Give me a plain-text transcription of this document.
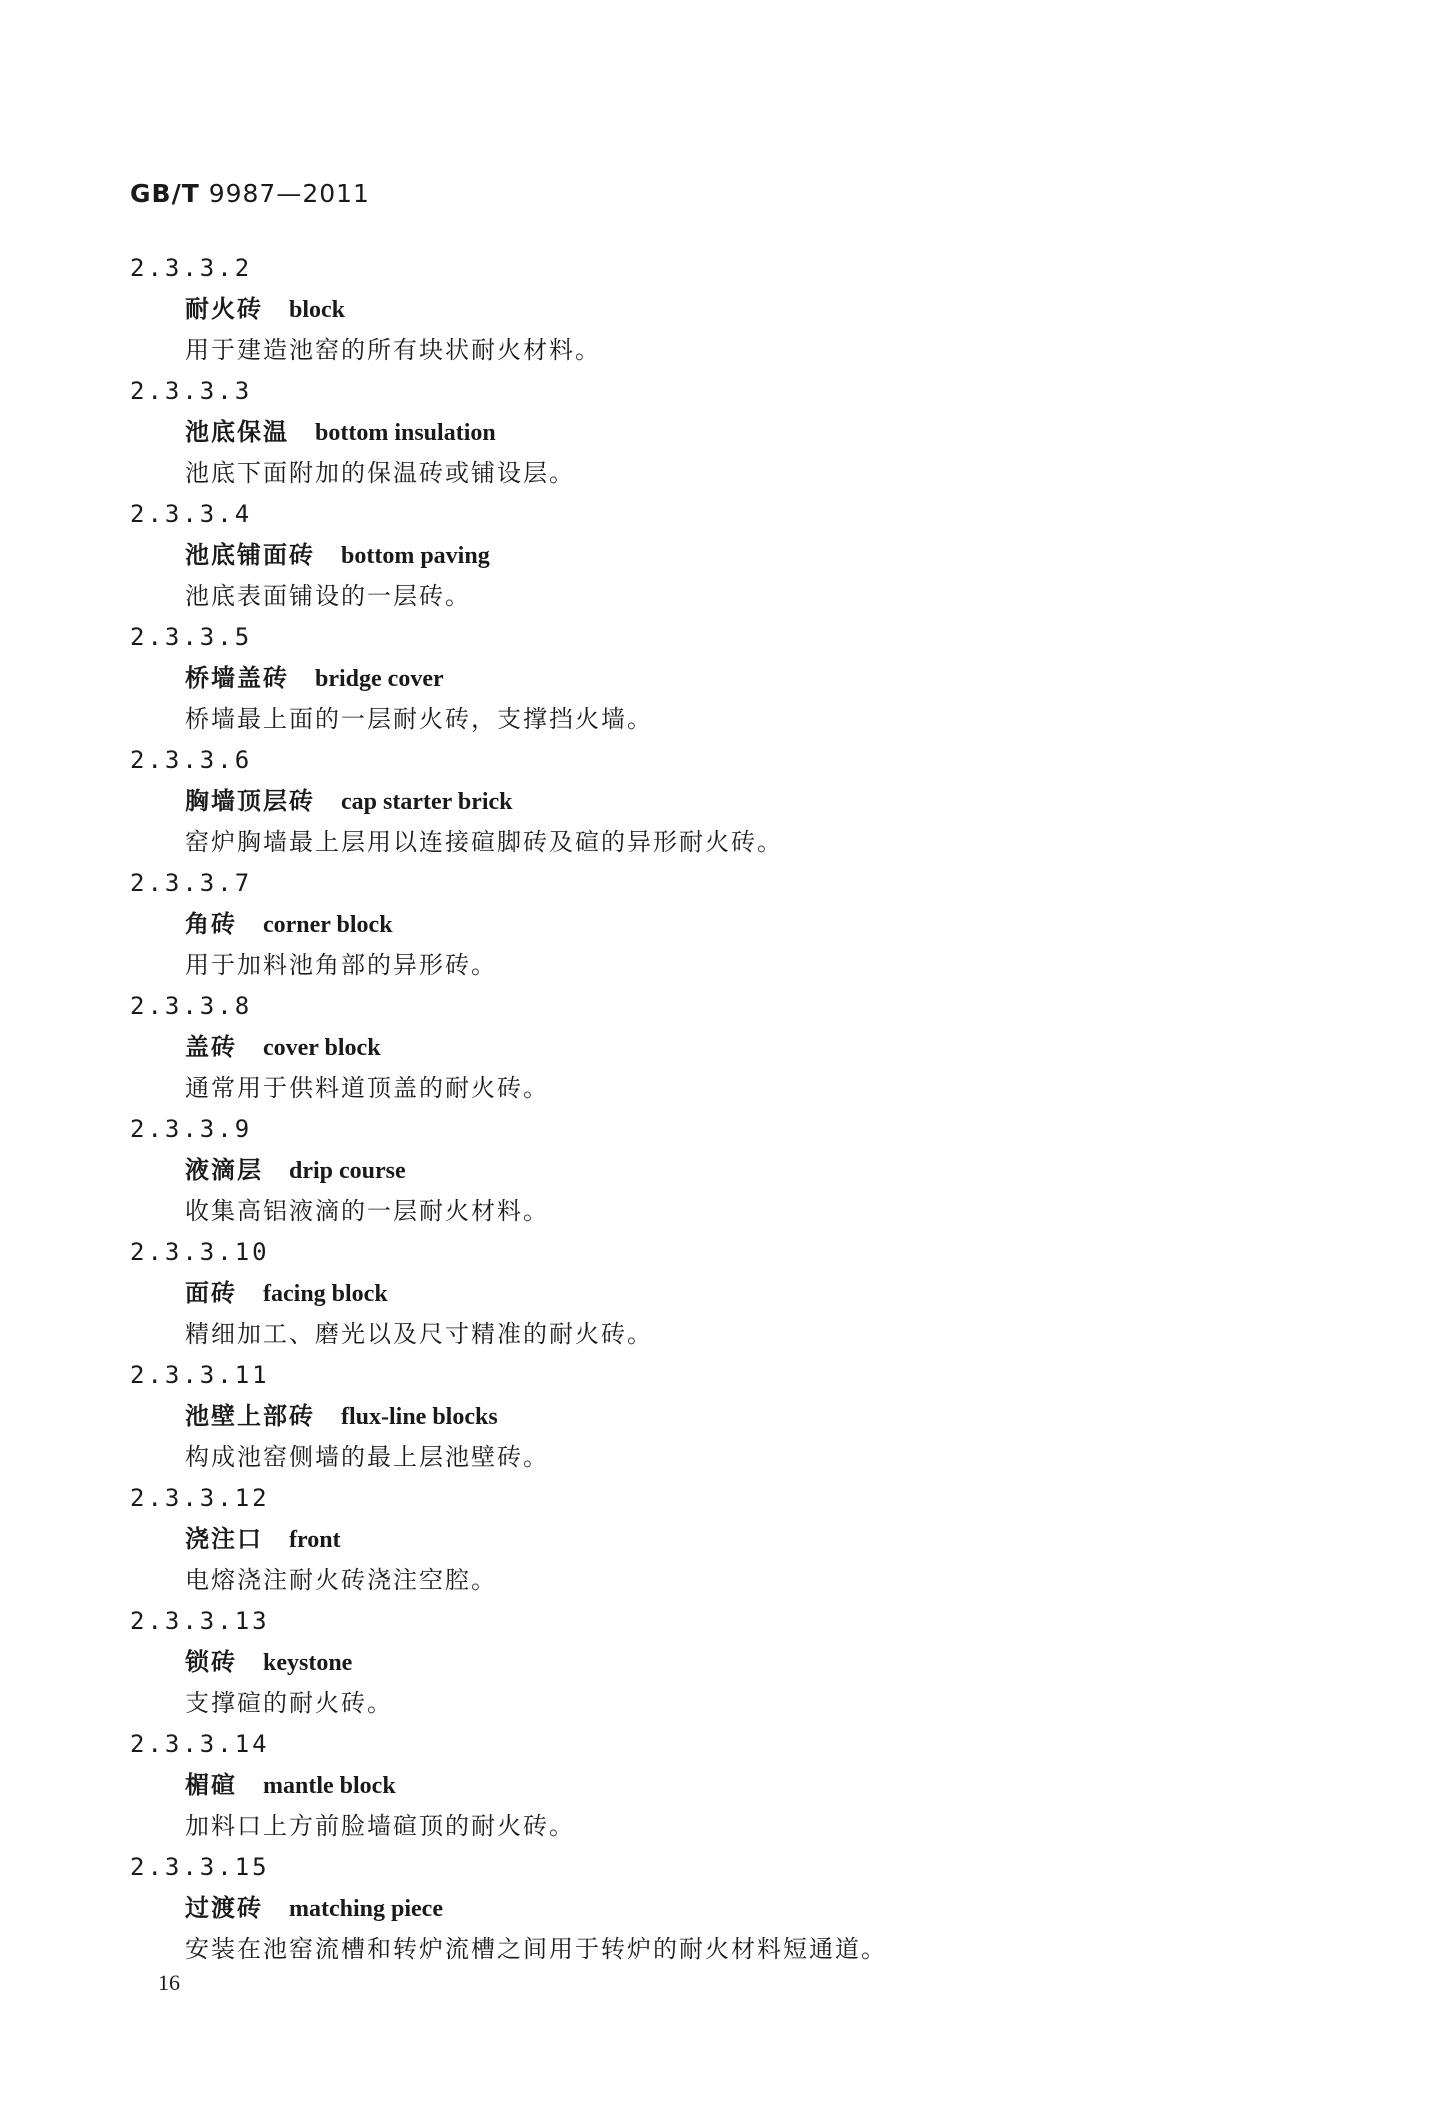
GB/T 9987—2011
2.3.3.2
耐火砖 block
用于建造池窑的所有块状耐火材料。
2.3.3.3
池底保温 bottom insulation
池底下面附加的保温砖或铺设层。
2.3.3.4
池底铺面砖 bottom paving
池底表面铺设的一层砖。
2.3.3.5
桥墙盖砖 bridge cover
桥墙最上面的一层耐火砖，支撑挡火墙。
2.3.3.6
胸墙顶层砖 cap starter brick
窑炉胸墙最上层用以连接碹脚砖及碹的异形耐火砖。
2.3.3.7
角砖 corner block
用于加料池角部的异形砖。
2.3.3.8
盖砖 cover block
通常用于供料道顶盖的耐火砖。
2.3.3.9
液滴层 drip course
收集高铝液滴的一层耐火材料。
2.3.3.10
面砖 facing block
精细加工、磨光以及尺寸精准的耐火砖。
2.3.3.11
池壁上部砖 flux-line blocks
构成池窑侧墙的最上层池壁砖。
2.3.3.12
浇注口 front
电熔浇注耐火砖浇注空腔。
2.3.3.13
锁砖 keystone
支撑碹的耐火砖。
2.3.3.14
楣碹 mantle block
加料口上方前脸墙碹顶的耐火砖。
2.3.3.15
过渡砖 matching piece
安装在池窑流槽和转炉流槽之间用于转炉的耐火材料短通道。
16
